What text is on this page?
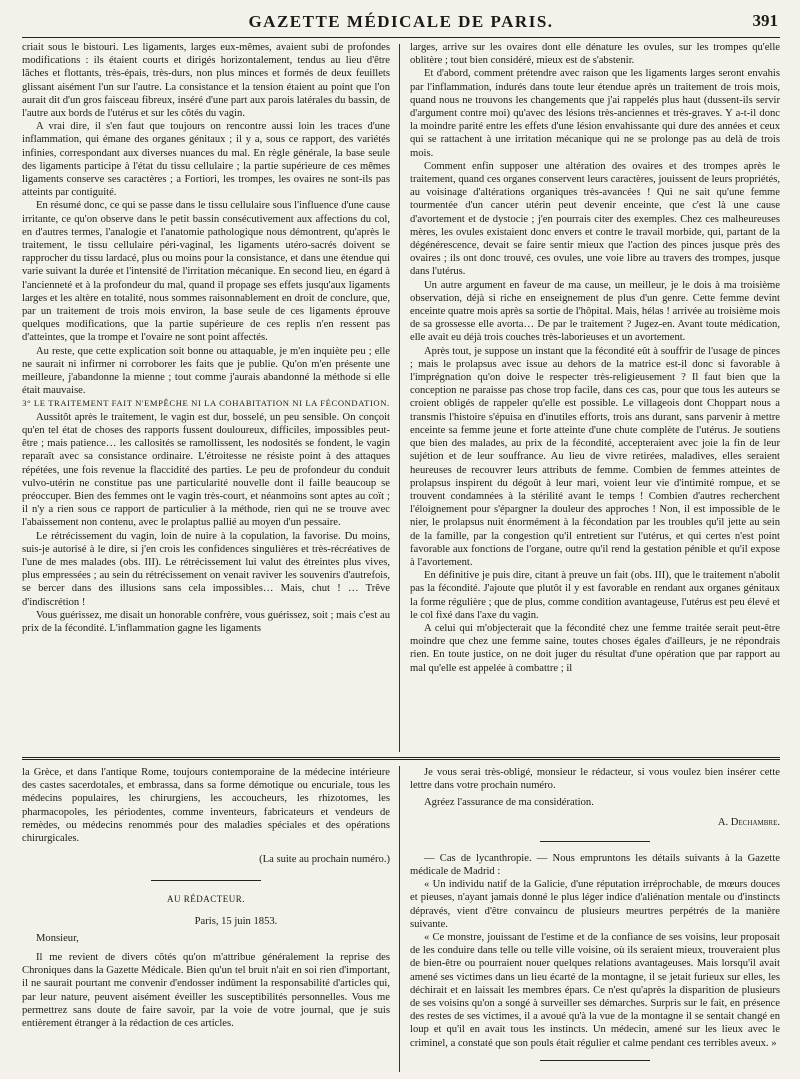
GAZETTE MÉDICALE DE PARIS.	391

criait sous le bistouri. Les ligaments, larges eux-mêmes, avaient subi de profondes modifications : ils étaient courts et dirigés horizontalement, tendus au lieu d'être lâches et flottants, très-épais, très-durs, non plus minces et formés de deux feuillets glissant aisément l'un sur l'autre. La consistance et la tension étaient au point que l'on aurait dit d'un gros faisceau fibreux, inséré d'une part aux parois latérales du bassin, de l'autre aux bords de l'utérus et sur les côtés du vagin.

A vrai dire, il s'en faut que toujours on rencontre aussi loin les traces d'une inflammation, qui émane des organes génitaux ; il y a, sous ce rapport, des variétés infinies, correspondant aux diverses nuances du mal. En règle générale, la base seule des ligaments participe à l'état du tissu cellulaire ; la partie supérieure de ces mêmes ligaments conserve ses caractères ; a Fortiori, les trompes, les ovaires ne sont-ils pas atteints par contiguité.

En résumé donc, ce qui se passe dans le tissu cellulaire sous l'influence d'une cause irritante, ce qu'on observe dans le petit bassin consécutivement aux affections du col, en d'autres termes, l'analogie et l'anatomie pathologique nous démontrent, qu'après le traitement, le tissu cellulaire péri-vaginal, les ligaments utéro-sacrés doivent se rapprocher du tissu lardacé, plus ou moins pour la consistance, et dans une étendue qui varie suivant la durée et l'intensité de l'irritation mécanique. En second lieu, en égard à l'ancienneté et à la profondeur du mal, quand il propage ses effets jusqu'aux ligaments larges et les altère en totalité, nous sommes raisonnablement en droit de conclure, que, par un traitement de trois mois environ, la base seule de ces ligaments éprouve quelques modifications, que la partie supérieure de ces replis n'en ressent pas d'atteintes, que la trompe et l'ovaire ne sont point affectés.

Au reste, que cette explication soit bonne ou attaquable, je m'en inquiète peu ; elle ne saurait ni infirmer ni corroborer les faits que je publie. Qu'on m'en présente une meilleure, j'abandonne la mienne ; tout comme j'aurais abandonné la méthode si elle était mauvaise.

3° LE TRAITEMENT FAIT N'EMPÊCHE NI LA COHABITATION NI LA FÉCONDATION.

Aussitôt après le traitement, le vagin est dur, bosselé, un peu sensible. On conçoit qu'en tel état de choses des rapports fussent douloureux, difficiles, impossibles peut-être ; mais patience… les callosités se ramollissent, les nodosités se fondent, le vagin reparaît avec sa consistance ordinaire. L'étroitesse ne résiste point à des attaques répétées, une fois revenue la flaccidité des parties. Le peu de profondeur du conduit vulvo-utérin ne constitue pas une particularité nouvelle dont il faille beaucoup se préoccuper. Bien des femmes ont le vagin très-court, et néanmoins sont aptes au coït ; il n'y a rien sous ce rapport de particulier à la méthode, rien qui ne se trouve avec l'abaissement non contenu, avec le prolaptus pallié au moyen d'un pessaire.

Le rétrécissement du vagin, loin de nuire à la copulation, la favorise. Du moins, suis-je autorisé à le dire, si j'en crois les confidences singulières et très-récréatives de l'une de mes malades (obs. III). Le rétrécissement lui valut des étreintes plus vives, plus empressées ; au sein du rétrécissement on venait raviver les souvenirs d'autrefois, se bercer dans des illusions sans cela impossibles… Mais, chut ! … Trêve d'indiscrétion !

Vous guérissez, me disait un honorable confrère, vous guérissez, soit ; mais c'est au prix de la fécondité. L'inflammation gagne les ligaments

larges, arrive sur les ovaires dont elle dénature les ovules, sur les trompes qu'elle oblitère ; tout bien considéré, mieux est de s'abstenir.

Et d'abord, comment prétendre avec raison que les ligaments larges seront envahis par l'inflammation, indurés dans toute leur étendue après un traitement de trois mois, quand nous ne trouvons les changements que j'ai rappelés plus haut (dussent-ils servir d'argument contre moi) qu'avec des lésions très-anciennes et très-graves. Y a-t-il donc la moindre parité entre les effets d'une lésion envahissante qui dure des années et ceux qui se rattachent à une irritation mécanique qui ne se prolonge pas au delà de trois mois.

Comment enfin supposer une altération des ovaires et des trompes après le traitement, quand ces organes conservent leurs caractères, jouissent de leurs propriétés, au voisinage d'altérations organiques très-avancées ! Qui ne sait qu'une femme tourmentée d'un cancer utérin peut devenir enceinte, que c'est là une cause d'avortement et de dystocie ; j'en pourrais citer des exemples. Chez ces malheureuses mères, les ovules existaient donc envers et contre le travail morbide, qui, partant de la dégénérescence, devait se faire sentir mieux que l'action des pinces jusque près des ovaires ; ils ont donc trouvé, ces ovules, une voie libre au travers des trompes, jusque dans l'utérus.

Un autre argument en faveur de ma cause, un meilleur, je le dois à ma troisième observation, déjà si riche en enseignement de plus d'un genre. Cette femme devint enceinte quatre mois après sa sortie de l'hôpital. Mais, hélas ! arrivée au troisième mois de sa grossesse elle avorta… De par le traitement ? Jugez-en. Avant toute médication, elle avait eu déjà trois couches très-laborieuses et un avortement.

Après tout, je suppose un instant que la fécondité eût à souffrir de l'usage de pinces ; mais le prolapsus avec issue au dehors de la matrice est-il donc si favorable à l'imprégnation qu'on doive le respecter très-religieusement ? Il faut bien que la conception ne paraisse pas chose trop facile, dans ces cas, pour que tous les auteurs se croient obligés de rappeler qu'elle est possible. Le villageois dont Choppart nous a transmis l'histoire s'épuisa en d'inutiles efforts, trois ans durant, sans parvenir à mettre enceinte sa femme jeune et forte atteinte d'une chute complète de l'utérus. Je soutiens que bien des malades, au prix de la fécondité, accepteraient avec joie la fin de leur sujétion et de leur souffrance. Au lieu de vivre retirées, maladives, elles seraient heureuses de recouvrer leurs attributs de femme. Combien de femmes atteintes de prolapsus inspirent du dégoût à leur mari, voient leur vie d'intimité rompue, et se trouvent condamnées à la stérilité avant le temps ! Combien d'autres recherchent l'éloignement pour s'épargner la douleur des approches ! Non, il est impossible de le nier, le prolapsus nuit énormément à la fécondation par les troubles qu'il jette au sein de la famille, par la congestion qu'il entretient sur l'utérus, et qui certes n'est point favorable aux fonctions de l'organe, outre qu'il rend la gestation pénible et qu'il expose à l'avortement.

En définitive je puis dire, citant à preuve un fait (obs. III), que le traitement n'abolit pas la fécondité. J'ajoute que plutôt il y est favorable en rendant aux organes génitaux la forme régulière ; que de plus, comme condition avantageuse, l'utérus est peu élevé et le col fixé dans l'axe du vagin.

A celui qui m'objecterait que la fécondité chez une femme traitée serait peut-être moindre que chez une femme saine, toutes choses égales d'ailleurs, je ne répondrais rien. En toute justice, on ne doit juger du résultat d'une opération que par rapport au mal qu'elle est appelée à combattre ; il

la Grèce, et dans l'antique Rome, toujours contemporaine de la médecine intérieure des castes sacerdotales, et embrassa, dans sa forme démotique ou encuriale, tous les médecins populaires, les chirurgiens, les accoucheurs, les rhizotomes, les pharmacopoles, les périodentes, comme inventeurs, fabricateurs et vendeurs de remèdes, ou médecins renommés pour des maladies spéciales et des opérations chirurgicales.

(La suite au prochain numéro.)

AU RÉDACTEUR.

Paris, 15 juin 1853.

Monsieur,

Il me revient de divers côtés qu'on m'attribue généralement la reprise des Chroniques dans la Gazette Médicale. Bien qu'un tel bruit n'ait en soi rien d'important, il ne saurait pourtant me convenir d'endosser indûment la responsabilité d'articles qui, par leur nature, peuvent aisément éveiller les susceptibilités personnelles. Vous me permettrez sans doute de faire savoir, par la voie de votre journal, que je suis entièrement étranger à la rédaction de ces articles.

Je vous serai très-obligé, monsieur le rédacteur, si vous voulez bien insérer cette lettre dans votre prochain numéro.

Agréez l'assurance de ma considération.

A. Dechambre.

— Cas de lycanthropie. — Nous empruntons les détails suivants à la Gazette médicale de Madrid :

« Un individu natif de la Galicie, d'une réputation irréprochable, de mœurs douces et pieuses, n'ayant jamais donné le plus léger indice d'aliénation mentale ou d'instincts dépravés, vient d'être convaincu de plusieurs meurtres perpétrés de la manière suivante.

« Ce monstre, jouissant de l'estime et de la confiance de ses voisins, leur proposait de les conduire dans telle ou telle ville voisine, où ils seraient mieux, trouveraient plus de bien-être ou pourraient nouer quelques relations avantageuses. Mais lorsqu'il avait amené ses victimes dans un lieu écarté de la montagne, il se jetait furieux sur elles, les déchirait et en laissait les membres épars. Ce n'est qu'après la disparition de plusieurs de ses voisins qu'on a songé à surveiller ses démarches. Surpris sur le fait, en présence des restes de ses victimes, il a avoué qu'à la vue de la montagne il se sentait changé en loup et qu'il en avait tous les instincts. Un médecin, amené sur les lieux avec le criminel, a constaté que son pouls était régulier et calme pendant ces terribles aveux. »
